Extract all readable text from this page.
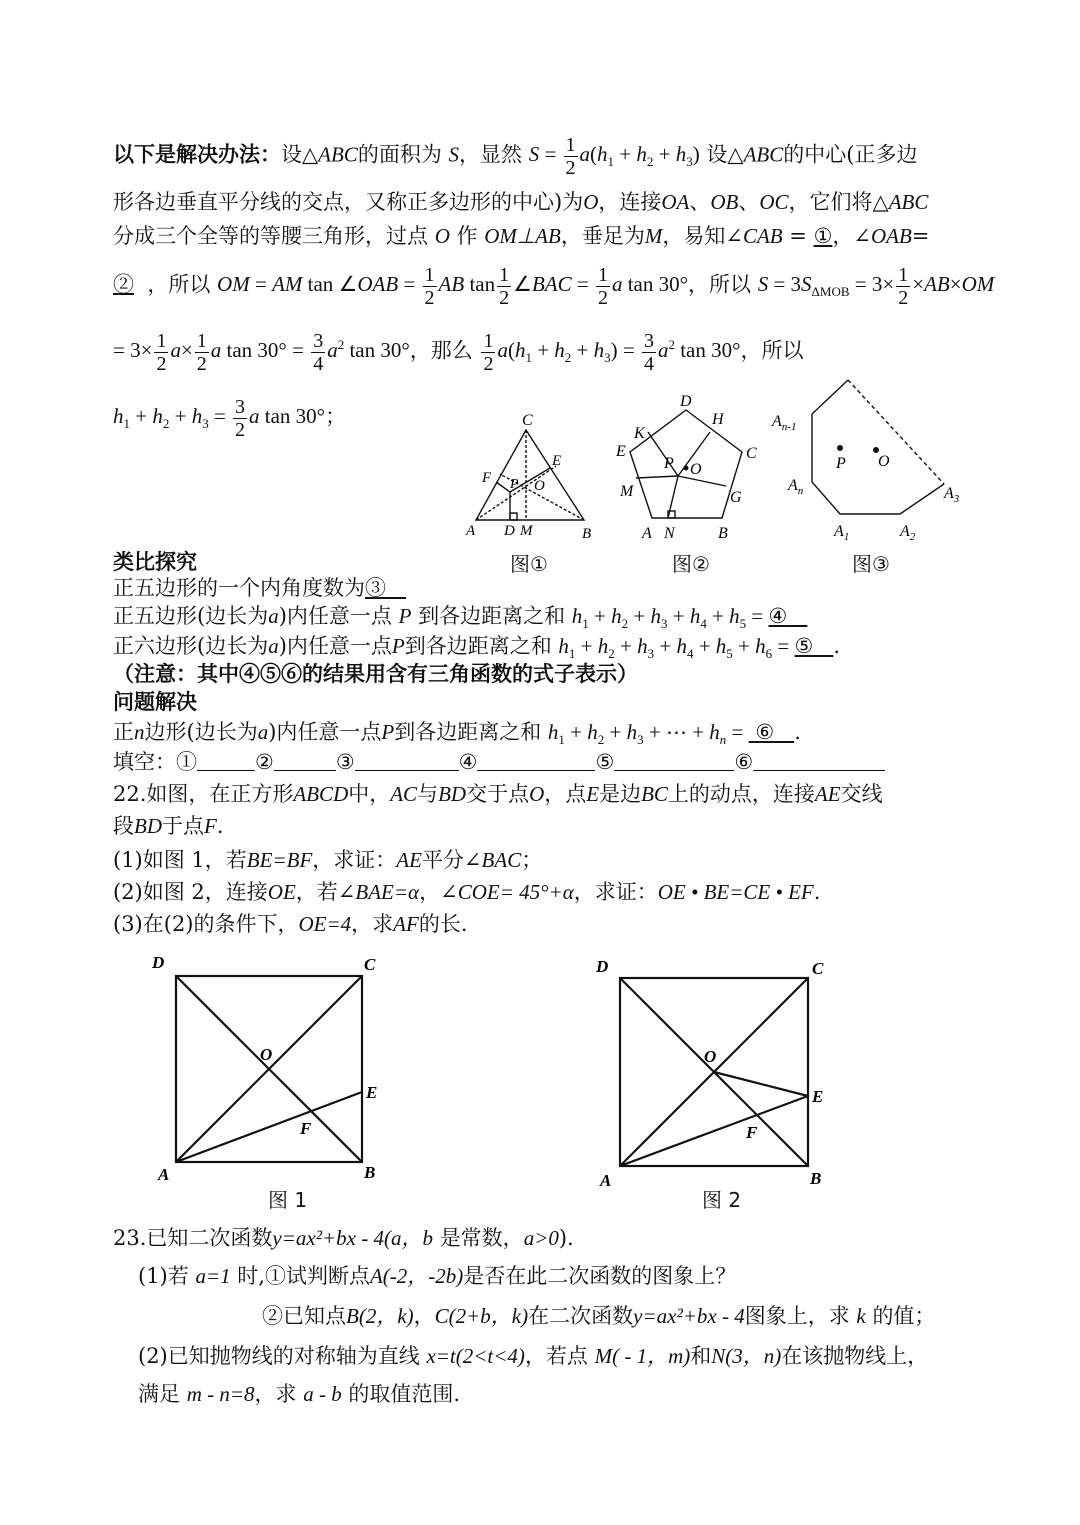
以下是解决办法：设△ABC的面积为 S，显然 $S = \frac{1}{2} a(h_1 + h_2 + h_3)$ 设△ABC的中心(正多边
形各边垂直平分线的交点，又称正多边形的中心)为O，连接OA、OB、OC，它们将△ABC
分成三个全等的等腰三角形，过点 O 作 OM⊥AB，垂足为M，易知∠CAB = ①，∠OAB=
② ，所以 OM = AM tan ∠OAB = $\frac{1}{2}$ AB $\tan \frac{1}{2}$ ∠BAC = $\frac{1}{2}$ a tan 30°，所以 $S = 3S_{\Delta MOB} = 3\times \frac{1}{2} \times AB\times OM$
= $3\times \frac{1}{2} a\times \frac{1}{2}$ a $\tan 30^\circ = \frac{3}{4} a^2$ tan 30°，那么 $\frac{1}{2} a(h_1 + h_2 + h_3) = \frac{3}{4} a^2$ tan 30°，所以
$h_1 + h_2 + h_3 = \frac{3}{2}$ a tan 30°；	C
E
F P O
A D M	B
图①
D
H
K
E	C
P O
M	G
A N	B
图②
$A_{n-1}$
P O
$A_n$	$A_3$
$A_1$	$A_2$
图③
类比探究
正五边形的一个内角度数为③
正五边形(边长为a)内任意一点 P 到各边距离之和 $h_1 + h_2 + h_3 + h_4 + h_5$ = ④
正六边形(边长为a)内任意一点P到各边距离之和 $h_1 + h_2 + h_3 + h_4 + h_5 + h_6$ = ⑤ .
（注意：其中④⑤⑥的结果用含有三角函数的式子表示）
问题解决
正n边形(边长为a)内任意一点P到各边距离之和 $h_1 + h_2 + h_3$ + ⋯ + $h_n$ =  ⑥ .
填空：①	②	③	④	⑤	⑥
22.如图，在正方形ABCD中，AC与BD交于点O，点E是边BC上的动点，连接AE交线
段BD于点F.
(1)如图 1，若BE=BF，求证：AE平分∠BAC；
(2)如图 2，连接OE，若∠BAE=α，∠COE= 45°+α，求证：OE • BE=CE • EF.
(3)在(2)的条件下，OE=4，求AF的长.
D	C
O
E
F
A	B
图 1
D	C
O
E
F
A	B
图 2
23.已知二次函数y=ax²+bx - 4(a，b 是常数，a>0).
(1)若 a=1 时,①试判断点A(-2，-2b)是否在此二次函数的图象上？
②已知点B(2，k)，C(2+b，k)在二次函数y=ax²+bx - 4图象上，求 k 的值；
(2)已知抛物线的对称轴为直线 x=t(2<t<4)，若点 M( - 1，m)和N(3，n)在该抛物线上，
满足 m - n=8，求 a - b 的取值范围.
